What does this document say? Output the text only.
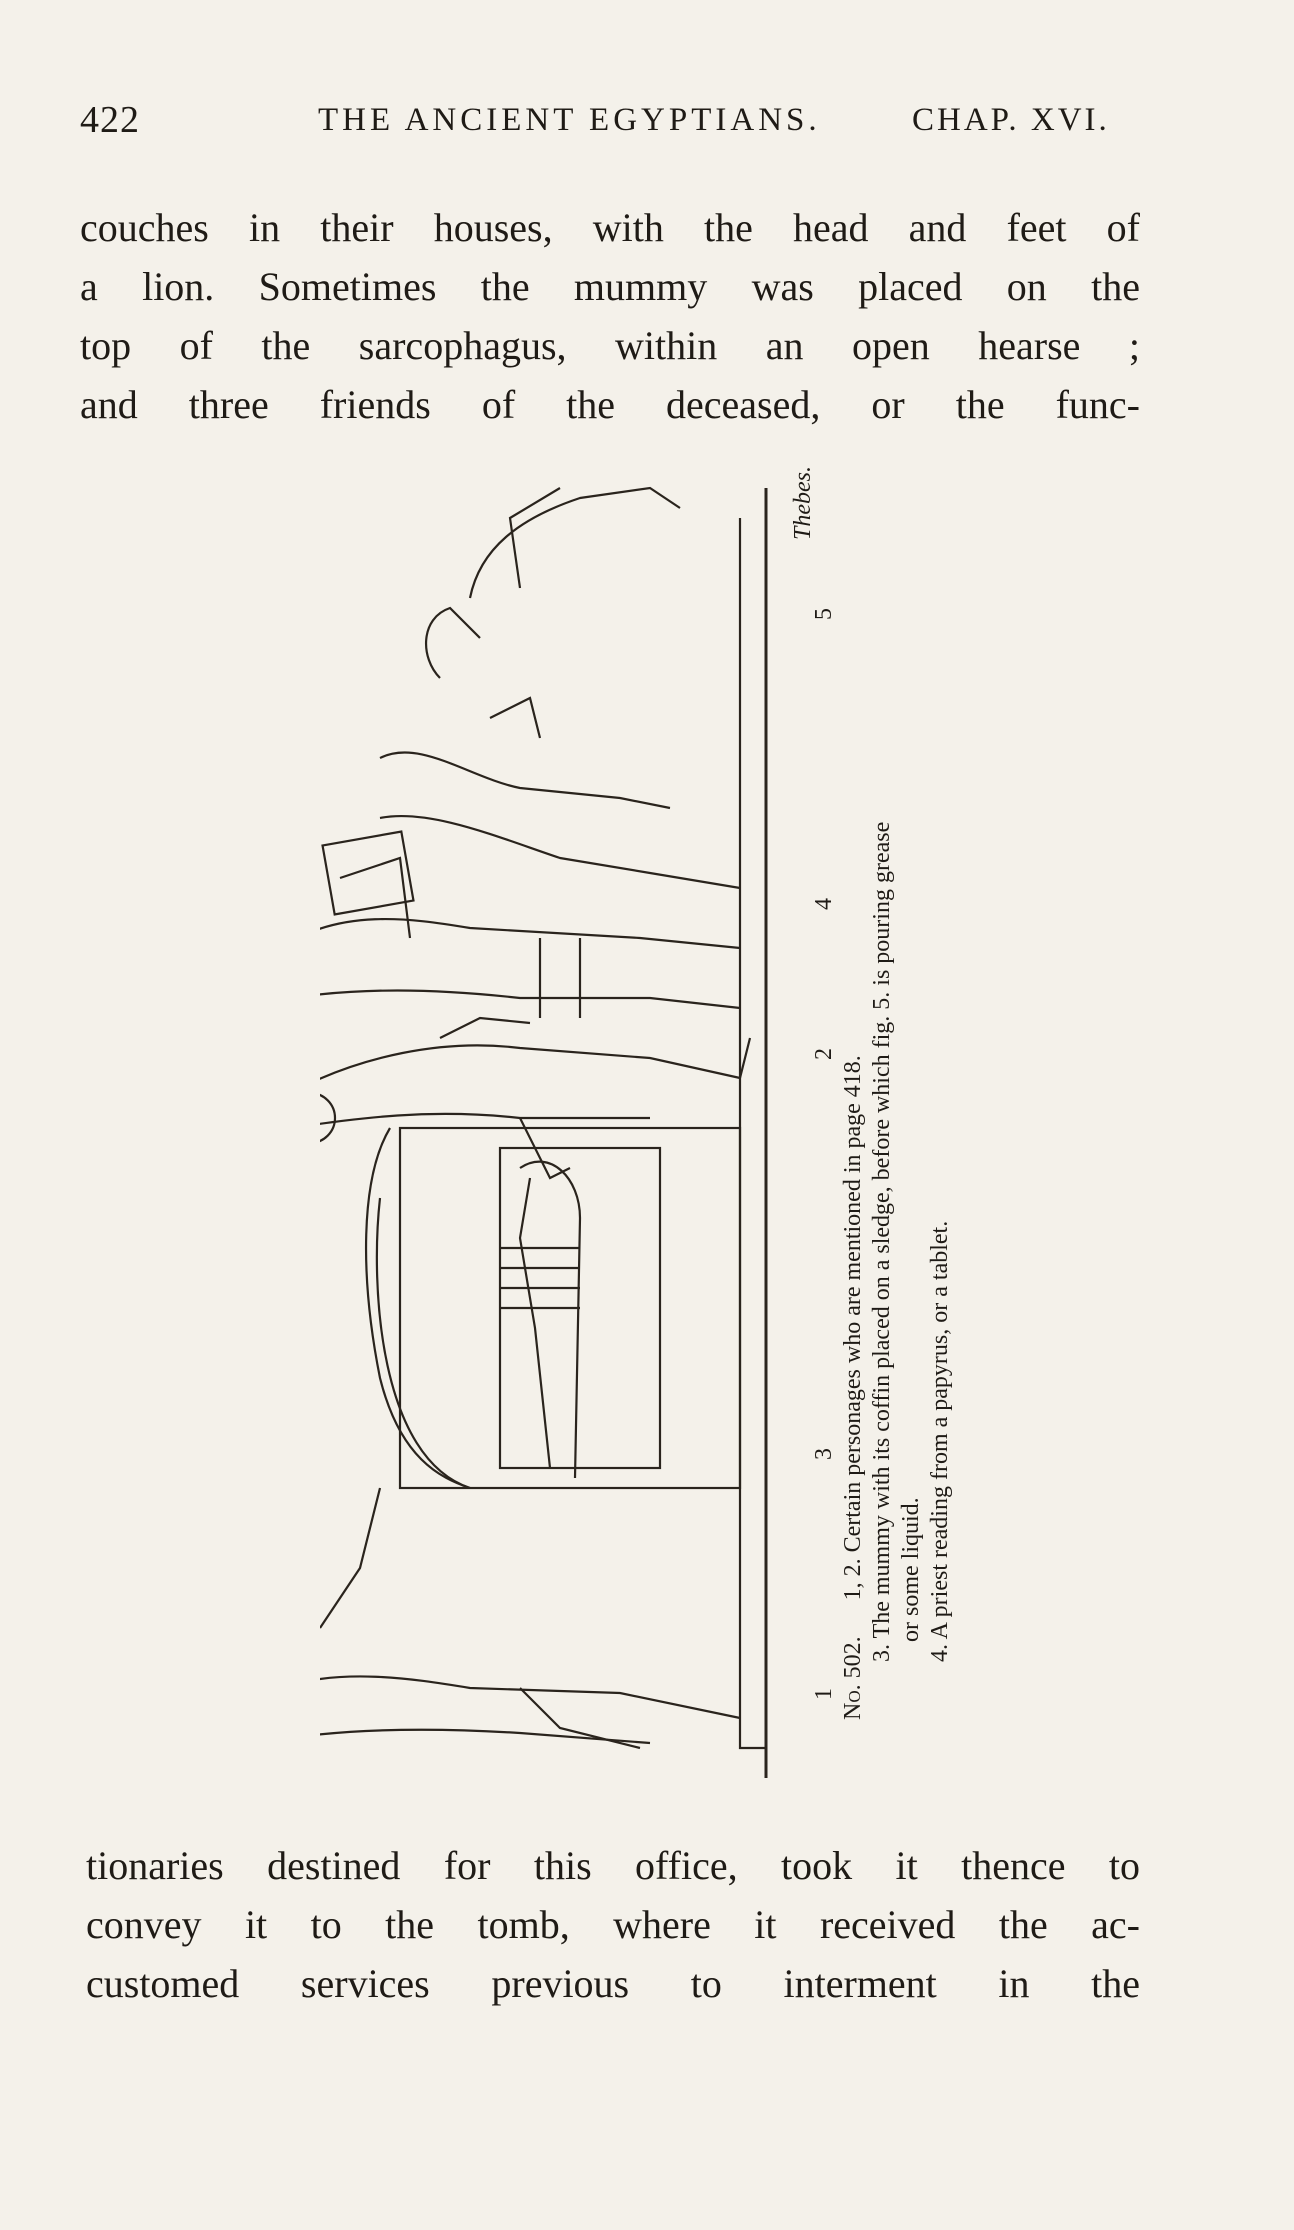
422	THE ANCIENT EGYPTIANS.	CHAP. XVI.
couches in their houses, with the head and feet of
a lion. Sometimes the mummy was placed on the
top of the sarcophagus, within an open hearse ;
and three friends of the deceased, or the func-
Thebes.
13245
No. 502.      1, 2. Certain personages who are mentioned in page 418. 3. The mummy with its coffin placed on a sledge, before which fig. 5. is pouring grease or some liquid. 4. A priest reading from a papyrus, or a tablet.
tionaries destined for this office, took it thence to
convey it to the tomb, where it received the ac-
customed services previous to interment in the
